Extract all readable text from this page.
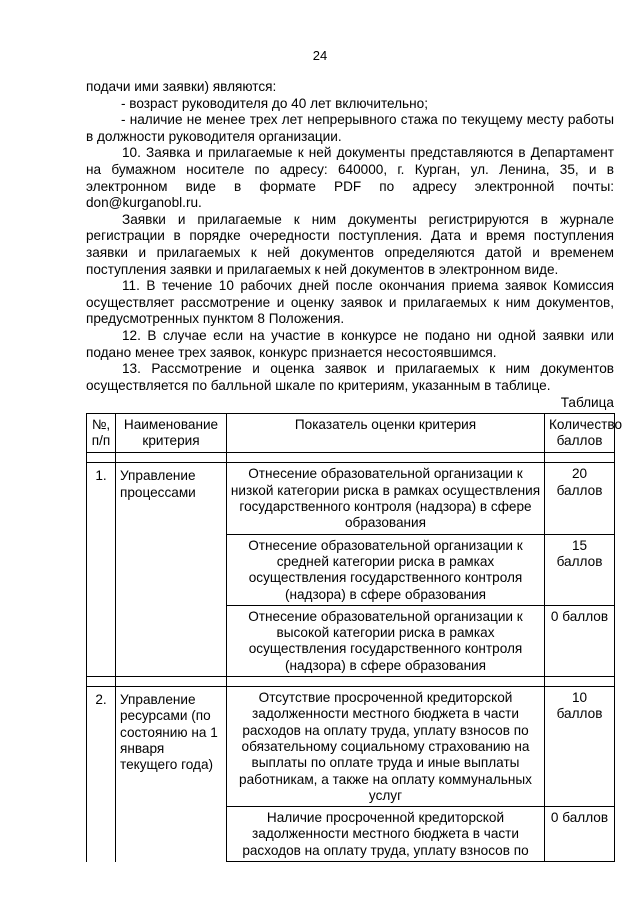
24

подачи ими заявки) являются:

- возраст руководителя до 40 лет включительно;

- наличие не менее трех лет непрерывного стажа по текущему месту работы в должности руководителя организации.

10. Заявка и прилагаемые к ней документы представляются в Департамент на бумажном носителе по адресу: 640000, г. Курган, ул. Ленина, 35, и в электронном виде в формате PDF по адресу электронной почты: don@kurganobl.ru.

Заявки и прилагаемые к ним документы регистрируются в журнале регистрации в порядке очередности поступления. Дата и время поступления заявки и прилагаемых к ней документов определяются датой и временем поступления заявки и прилагаемых к ней документов в электронном виде.

11. В течение 10 рабочих дней после окончания приема заявок Комиссия осуществляет рассмотрение и оценку заявок и прилагаемых к ним документов, предусмотренных пунктом 8 Положения.

12. В случае если на участие в конкурсе не подано ни одной заявки или подано менее трех заявок, конкурс признается несостоявшимся.

13. Рассмотрение и оценка заявок и прилагаемых к ним документов осуществляется по балльной шкале по критериям, указанным в таблице.

Таблица

№, п/п	Наименование критерия	Показатель оценки критерия	Количество баллов

1.	Управление процессами	Отнесение образовательной организации к низкой категории риска в рамках осуществления государственного контроля (надзора) в сфере образования	20 баллов
		Отнесение образовательной организации к средней категории риска в рамках осуществления государственного контроля (надзора) в сфере образования	15 баллов
		Отнесение образовательной организации к высокой категории риска в рамках осуществления государственного контроля (надзора) в сфере образования	0 баллов

2.	Управление ресурсами (по состоянию на 1 января текущего года)	Отсутствие просроченной кредиторской задолженности местного бюджета в части расходов на оплату труда, уплату взносов по обязательному социальному страхованию на выплаты по оплате труда и иные выплаты работникам, а также на оплату коммунальных услуг	10 баллов
		Наличие просроченной кредиторской задолженности местного бюджета в части расходов на оплату труда, уплату взносов по	0 баллов
